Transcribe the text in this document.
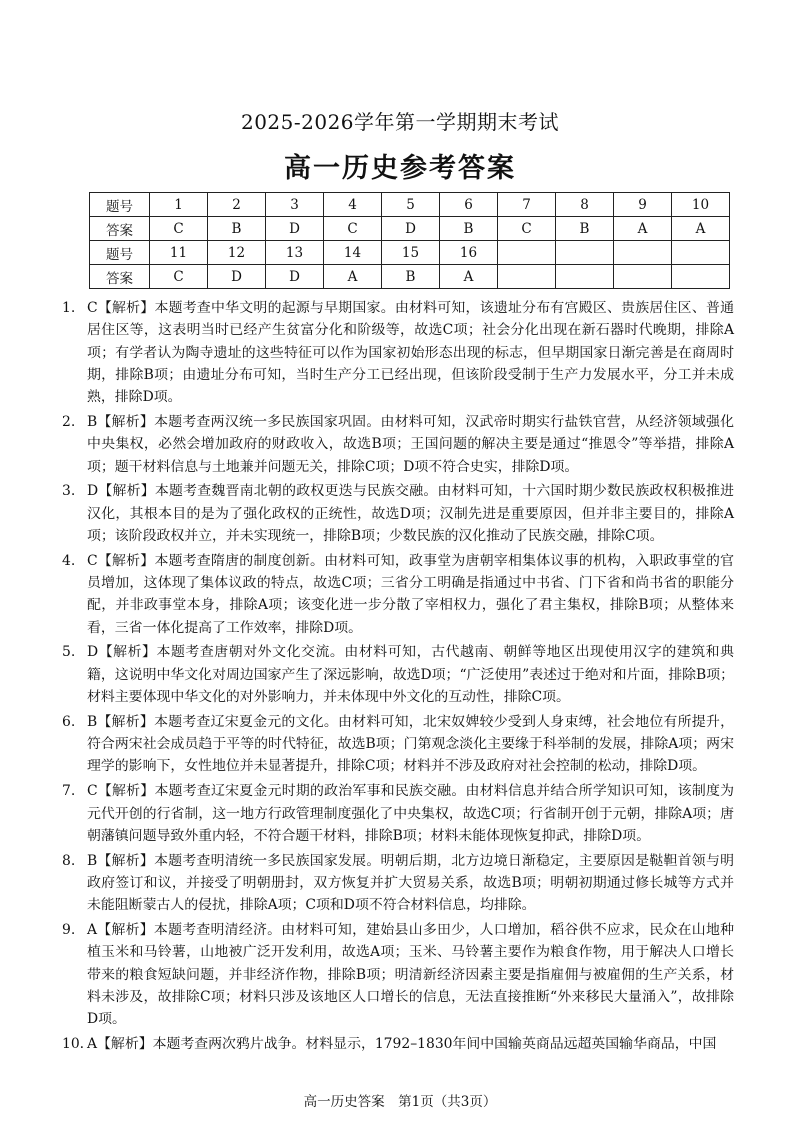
2025-2026学年第一学期期末考试
高一历史参考答案
题号	1	2	3	4	5	6	7	8	9	10
答案	C	B	D	C	D	B	C	B	A	A
题号	11	12	13	14	15	16				
答案	C	D	D	A	B	A				
1. C【解析】本题考查中华文明的起源与早期国家。由材料可知，该遗址分布有宫殿区、贵族居住区、普通居住区等，这表明当时已经产生贫富分化和阶级等，故选C项；社会分化出现在新石器时代晚期，排除A项；有学者认为陶寺遗址的这些特征可以作为国家初始形态出现的标志，但早期国家日渐完善是在商周时期，排除B项；由遗址分布可知，当时生产分工已经出现，但该阶段受制于生产力发展水平，分工并未成熟，排除D项。
2. B【解析】本题考查两汉统一多民族国家巩固。由材料可知，汉武帝时期实行盐铁官营，从经济领域强化中央集权，必然会增加政府的财政收入，故选B项；王国问题的解决主要是通过“推恩令”等举措，排除A项；题干材料信息与土地兼并问题无关，排除C项；D项不符合史实，排除D项。
3. D【解析】本题考查魏晋南北朝的政权更迭与民族交融。由材料可知，十六国时期少数民族政权积极推进汉化，其根本目的是为了强化政权的正统性，故选D项；汉制先进是重要原因，但并非主要目的，排除A项；该阶段政权并立，并未实现统一，排除B项；少数民族的汉化推动了民族交融，排除C项。
4. C【解析】本题考查隋唐的制度创新。由材料可知，政事堂为唐朝宰相集体议事的机构，入职政事堂的官员增加，这体现了集体议政的特点，故选C项；三省分工明确是指通过中书省、门下省和尚书省的职能分配，并非政事堂本身，排除A项；该变化进一步分散了宰相权力，强化了君主集权，排除B项；从整体来看，三省一体化提高了工作效率，排除D项。
5. D【解析】本题考查唐朝对外文化交流。由材料可知，古代越南、朝鲜等地区出现使用汉字的建筑和典籍，这说明中华文化对周边国家产生了深远影响，故选D项；“广泛使用”表述过于绝对和片面，排除B项；材料主要体现中华文化的对外影响力，并未体现中外文化的互动性，排除C项。
6. B【解析】本题考查辽宋夏金元的文化。由材料可知，北宋奴婢较少受到人身束缚，社会地位有所提升，符合两宋社会成员趋于平等的时代特征，故选B项；门第观念淡化主要缘于科举制的发展，排除A项；两宋理学的影响下，女性地位并未显著提升，排除C项；材料并不涉及政府对社会控制的松动，排除D项。
7. C【解析】本题考查辽宋夏金元时期的政治军事和民族交融。由材料信息并结合所学知识可知，该制度为元代开创的行省制，这一地方行政管理制度强化了中央集权，故选C项；行省制开创于元朝，排除A项；唐朝藩镇问题导致外重内轻，不符合题干材料，排除B项；材料未能体现恢复抑武，排除D项。
8. B【解析】本题考查明清统一多民族国家发展。明朝后期，北方边境日渐稳定，主要原因是鞑靼首领与明政府签订和议，并接受了明朝册封，双方恢复并扩大贸易关系，故选B项；明朝初期通过修长城等方式并未能阻断蒙古人的侵扰，排除A项；C项和D项不符合材料信息，均排除。
9. A【解析】本题考查明清经济。由材料可知，建始县山多田少，人口增加，稻谷供不应求，民众在山地种植玉米和马铃薯，山地被广泛开发利用，故选A项；玉米、马铃薯主要作为粮食作物，用于解决人口增长带来的粮食短缺问题，并非经济作物，排除B项；明清新经济因素主要是指雇佣与被雇佣的生产关系，材料未涉及，故排除C项；材料只涉及该地区人口增长的信息，无法直接推断“外来移民大量涌入”，故排除D项。
10. A【解析】本题考查两次鸦片战争。材料显示，1792–1830年间中国输英商品远超英国输华商品，中国
高一历史答案　第1页（共3页）
